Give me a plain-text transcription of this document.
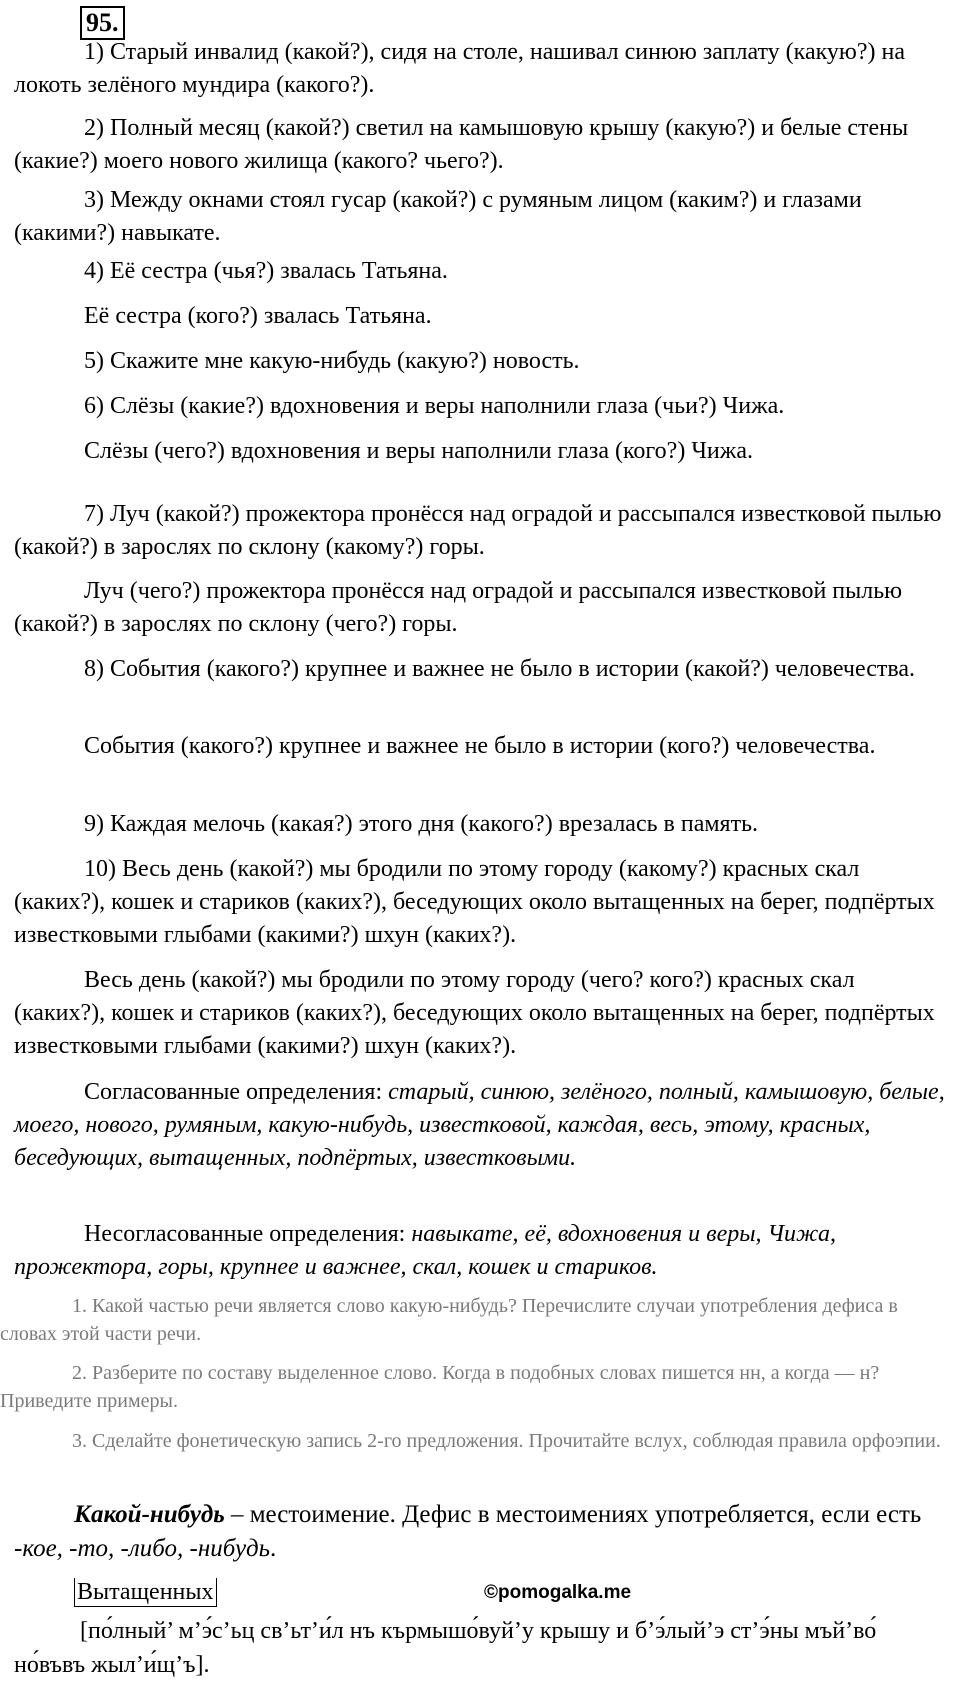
95.

1) Старый инвалид (какой?), сидя на столе, нашивал синюю заплату (какую?) на локоть зелёного мундира (какого?).

2) Полный месяц (какой?) светил на камышовую крышу (какую?) и белые стены (какие?) моего нового жилища (какого? чьего?).

3) Между окнами стоял гусар (какой?) с румяным лицом (каким?) и глазами (какими?) навыкате.

4) Её сестра (чья?) звалась Татьяна.

Её сестра (кого?) звалась Татьяна.

5) Скажите мне какую-нибудь (какую?) новость.

6) Слёзы (какие?) вдохновения и веры наполнили глаза (чьи?) Чижа.

Слёзы (чего?) вдохновения и веры наполнили глаза (кого?) Чижа.

7) Луч (какой?) прожектора пронёсся над оградой и рассыпался известковой пылью (какой?) в зарослях по склону (какому?) горы.

Луч (чего?) прожектора пронёсся над оградой и рассыпался известковой пылью (какой?) в зарослях по склону (чего?) горы.

8) События (какого?) крупнее и важнее не было в истории (какой?) человечества.

События (какого?) крупнее и важнее не было в истории (кого?) человечества.

9) Каждая мелочь (какая?) этого дня (какого?) врезалась в память.

10) Весь день (какой?) мы бродили по этому городу (какому?) красных скал (каких?), кошек и стариков (каких?), беседующих около вытащенных на берег, подпёртых известковыми глыбами (какими?) шхун (каких?).

Весь день (какой?) мы бродили по этому городу (чего? кого?) красных скал (каких?), кошек и стариков (каких?), беседующих около вытащенных на берег, подпёртых известковыми глыбами (какими?) шхун (каких?).

Согласованные определения: старый, синюю, зелёного, полный, камышовую, белые, моего, нового, румяным, какую-нибудь, известковой, каждая, весь, этому, красных, беседующих, вытащенных, подпёртых, известковыми.

Несогласованные определения: навыкате, её, вдохновения и веры, Чижа, прожектора, горы, крупнее и важнее, скал, кошек и стариков.

1. Какой частью речи является слово какую-нибудь? Перечислите случаи употребления дефиса в словах этой части речи.

2. Разберите по составу выделенное слово. Когда в подобных словах пишется нн, а когда — н? Приведите примеры.

3. Сделайте фонетическую запись 2-го предложения. Прочитайте вслух, соблюдая правила орфоэпии.

Какой-нибудь – местоимение. Дефис в местоимениях употребляется, если есть -кое, -то, -либо, -нибудь.

Вытащенных	©pomogalka.me

[по́лный’ м’э́с’ьц св’ьт’и́л нъ кърмышо́вуй’у крышу и б’э́лый’э ст’э́ны мъй’во́ но́въвъ жыл’и́щ’ъ].
